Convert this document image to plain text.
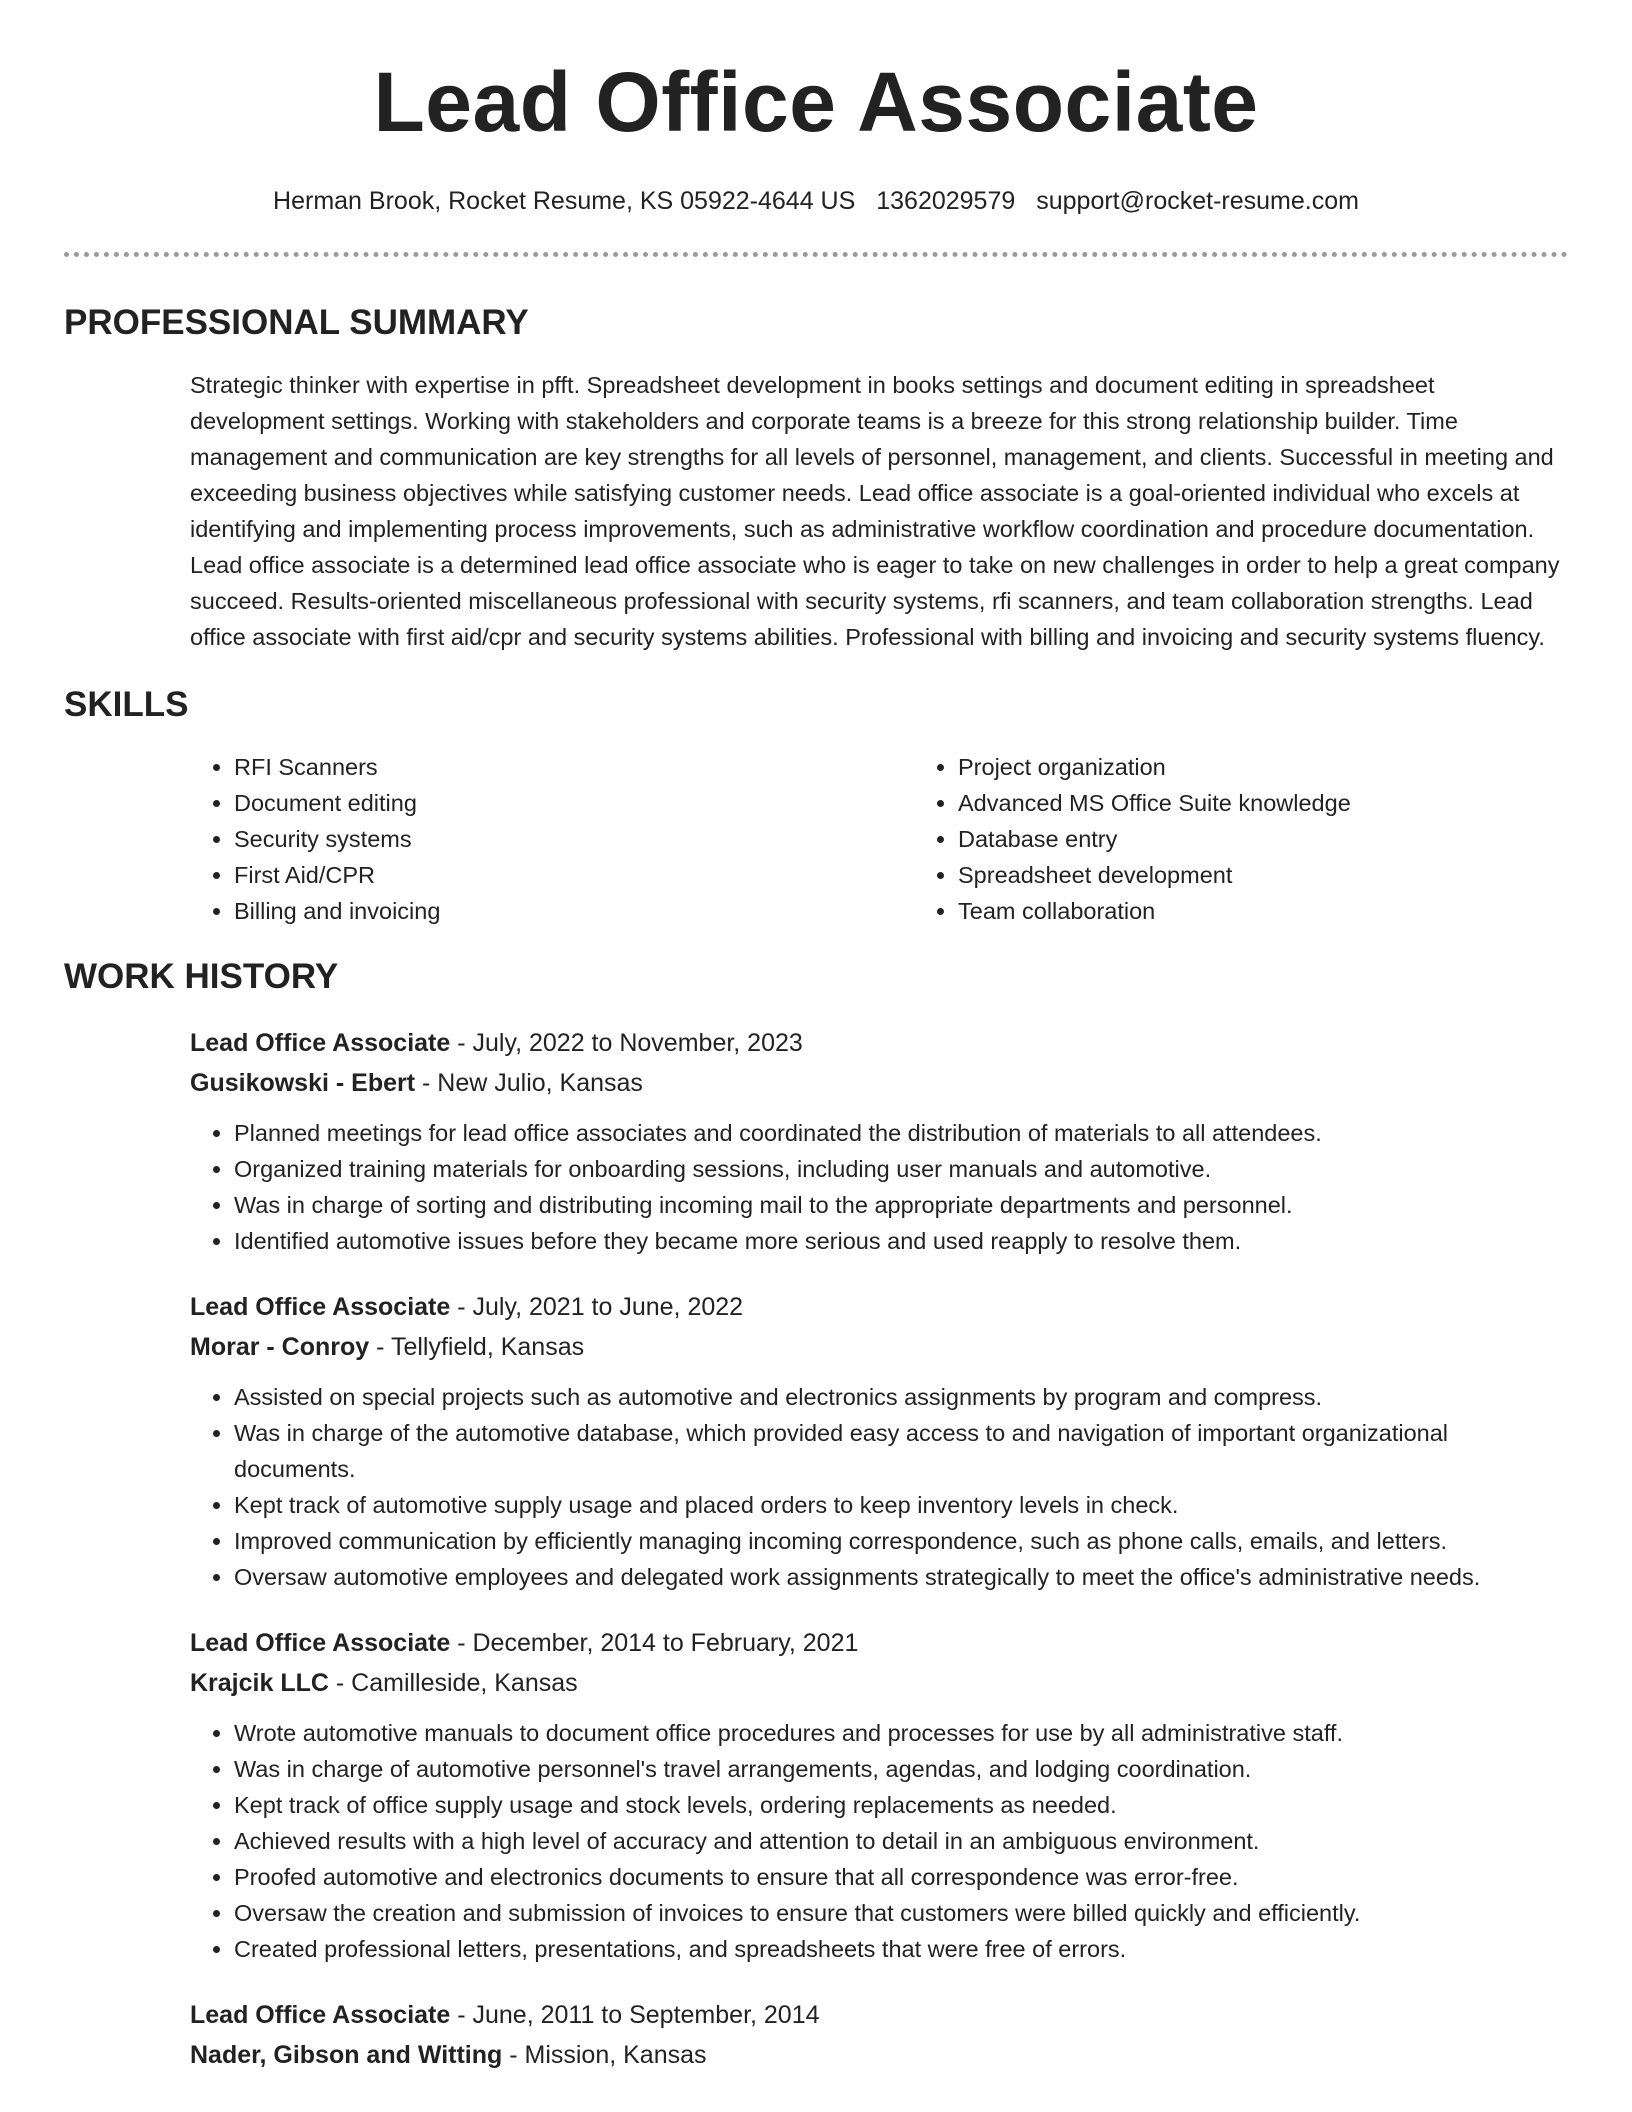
Lead Office Associate
Herman Brook, Rocket Resume, KS 05922-4644 US 1362029579 support@rocket-resume.com
PROFESSIONAL SUMMARY

Strategic thinker with expertise in pfft. Spreadsheet development in books settings and document editing in spreadsheet development settings. Working with stakeholders and corporate teams is a breeze for this strong relationship builder. Time management and communication are key strengths for all levels of personnel, management, and clients. Successful in meeting and exceeding business objectives while satisfying customer needs. Lead office associate is a goal-oriented individual who excels at identifying and implementing process improvements, such as administrative workflow coordination and procedure documentation. Lead office associate is a determined lead office associate who is eager to take on new challenges in order to help a great company succeed. Results-oriented miscellaneous professional with security systems, rfi scanners, and team collaboration strengths. Lead office associate with first aid/cpr and security systems abilities. Professional with billing and invoicing and security systems fluency.

SKILLS
• RFI Scanners
• Document editing
• Security systems
• First Aid/CPR
• Billing and invoicing
• Project organization
• Advanced MS Office Suite knowledge
• Database entry
• Spreadsheet development
• Team collaboration
WORK HISTORY
Lead Office Associate - July, 2022 to November, 2023
Gusikowski - Ebert - New Julio, Kansas
• Planned meetings for lead office associates and coordinated the distribution of materials to all attendees.
• Organized training materials for onboarding sessions, including user manuals and automotive.
• Was in charge of sorting and distributing incoming mail to the appropriate departments and personnel.
• Identified automotive issues before they became more serious and used reapply to resolve them.
Lead Office Associate - July, 2021 to June, 2022
Morar - Conroy - Tellyfield, Kansas
• Assisted on special projects such as automotive and electronics assignments by program and compress.
• Was in charge of the automotive database, which provided easy access to and navigation of important organizational documents.
• Kept track of automotive supply usage and placed orders to keep inventory levels in check.
• Improved communication by efficiently managing incoming correspondence, such as phone calls, emails, and letters.
• Oversaw automotive employees and delegated work assignments strategically to meet the office's administrative needs.
Lead Office Associate - December, 2014 to February, 2021
Krajcik LLC - Camilleside, Kansas
• Wrote automotive manuals to document office procedures and processes for use by all administrative staff.
• Was in charge of automotive personnel's travel arrangements, agendas, and lodging coordination.
• Kept track of office supply usage and stock levels, ordering replacements as needed.
• Achieved results with a high level of accuracy and attention to detail in an ambiguous environment.
• Proofed automotive and electronics documents to ensure that all correspondence was error-free.
• Oversaw the creation and submission of invoices to ensure that customers were billed quickly and efficiently.
• Created professional letters, presentations, and spreadsheets that were free of errors.
Lead Office Associate - June, 2011 to September, 2014
Nader, Gibson and Witting - Mission, Kansas
